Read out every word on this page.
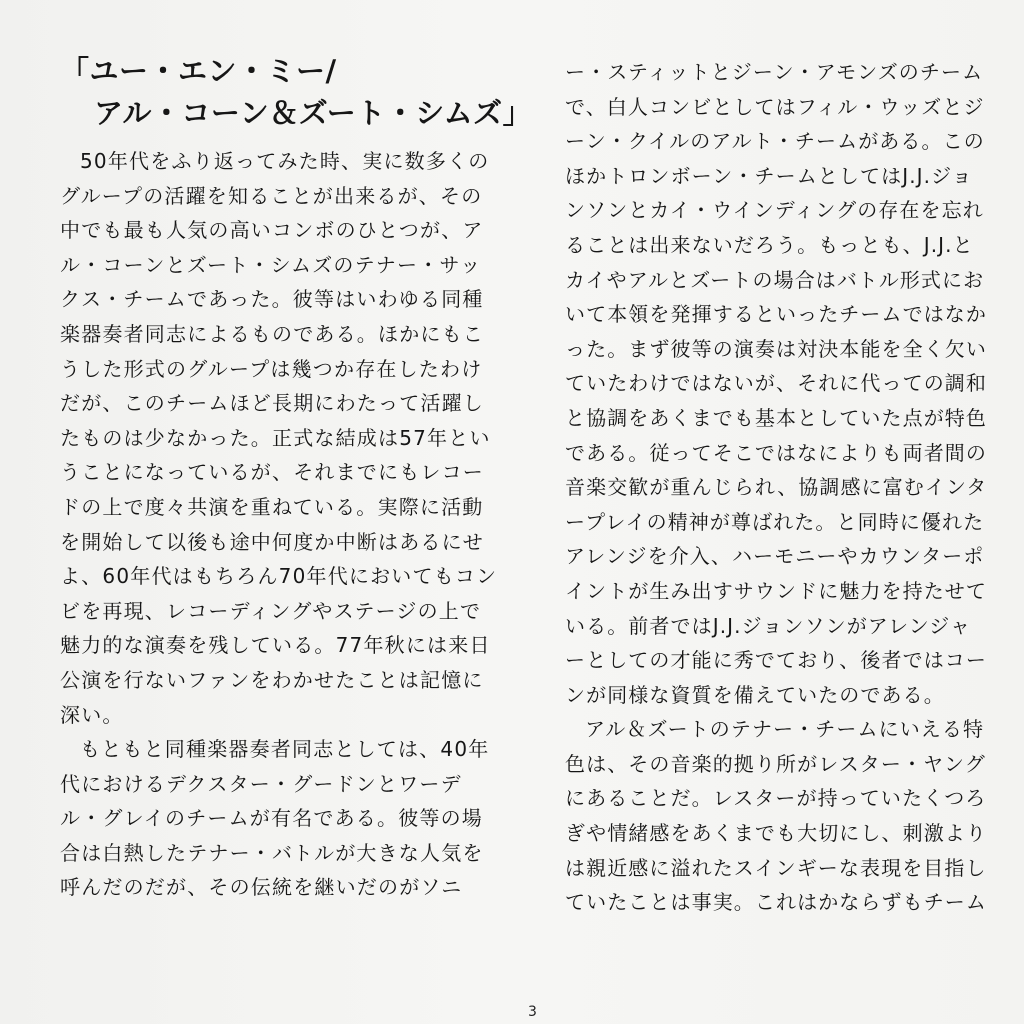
「ユー・エン・ミー/
アル・コーン＆ズート・シムズ」
50年代をふり返ってみた時、実に数多くの
グループの活躍を知ることが出来るが、その
中でも最も人気の高いコンボのひとつが、ア
ル・コーンとズート・シムズのテナー・サッ
クス・チームであった。彼等はいわゆる同種
楽器奏者同志によるものである。ほかにもこ
うした形式のグループは幾つか存在したわけ
だが、このチームほど長期にわたって活躍し
たものは少なかった。正式な結成は57年とい
うことになっているが、それまでにもレコー
ドの上で度々共演を重ねている。実際に活動
を開始して以後も途中何度か中断はあるにせ
よ、60年代はもちろん70年代においてもコン
ビを再現、レコーディングやステージの上で
魅力的な演奏を残している。77年秋には来日
公演を行ないファンをわかせたことは記憶に
深い。
もともと同種楽器奏者同志としては、40年
代におけるデクスター・グードンとワーデ
ル・グレイのチームが有名である。彼等の場
合は白熱したテナー・バトルが大きな人気を
呼んだのだが、その伝統を継いだのがソニ
ー・スティットとジーン・アモンズのチーム
で、白人コンビとしてはフィル・ウッズとジ
ーン・クイルのアルト・チームがある。この
ほかトロンボーン・チームとしてはJ.J.ジョ
ンソンとカイ・ウインディングの存在を忘れ
ることは出来ないだろう。もっとも、J.J.と
カイやアルとズートの場合はバトル形式にお
いて本領を発揮するといったチームではなか
った。まず彼等の演奏は対決本能を全く欠い
ていたわけではないが、それに代っての調和
と協調をあくまでも基本としていた点が特色
である。従ってそこではなによりも両者間の
音楽交歓が重んじられ、協調感に富むインタ
ープレイの精神が尊ばれた。と同時に優れた
アレンジを介入、ハーモニーやカウンターポ
イントが生み出すサウンドに魅力を持たせて
いる。前者ではJ.J.ジョンソンがアレンジャ
ーとしての才能に秀でており、後者ではコー
ンが同様な資質を備えていたのである。
アル＆ズートのテナー・チームにいえる特
色は、その音楽的拠り所がレスター・ヤング
にあることだ。レスターが持っていたくつろ
ぎや情緒感をあくまでも大切にし、刺激より
は親近感に溢れたスインギーな表現を目指し
ていたことは事実。これはかならずもチーム
3
